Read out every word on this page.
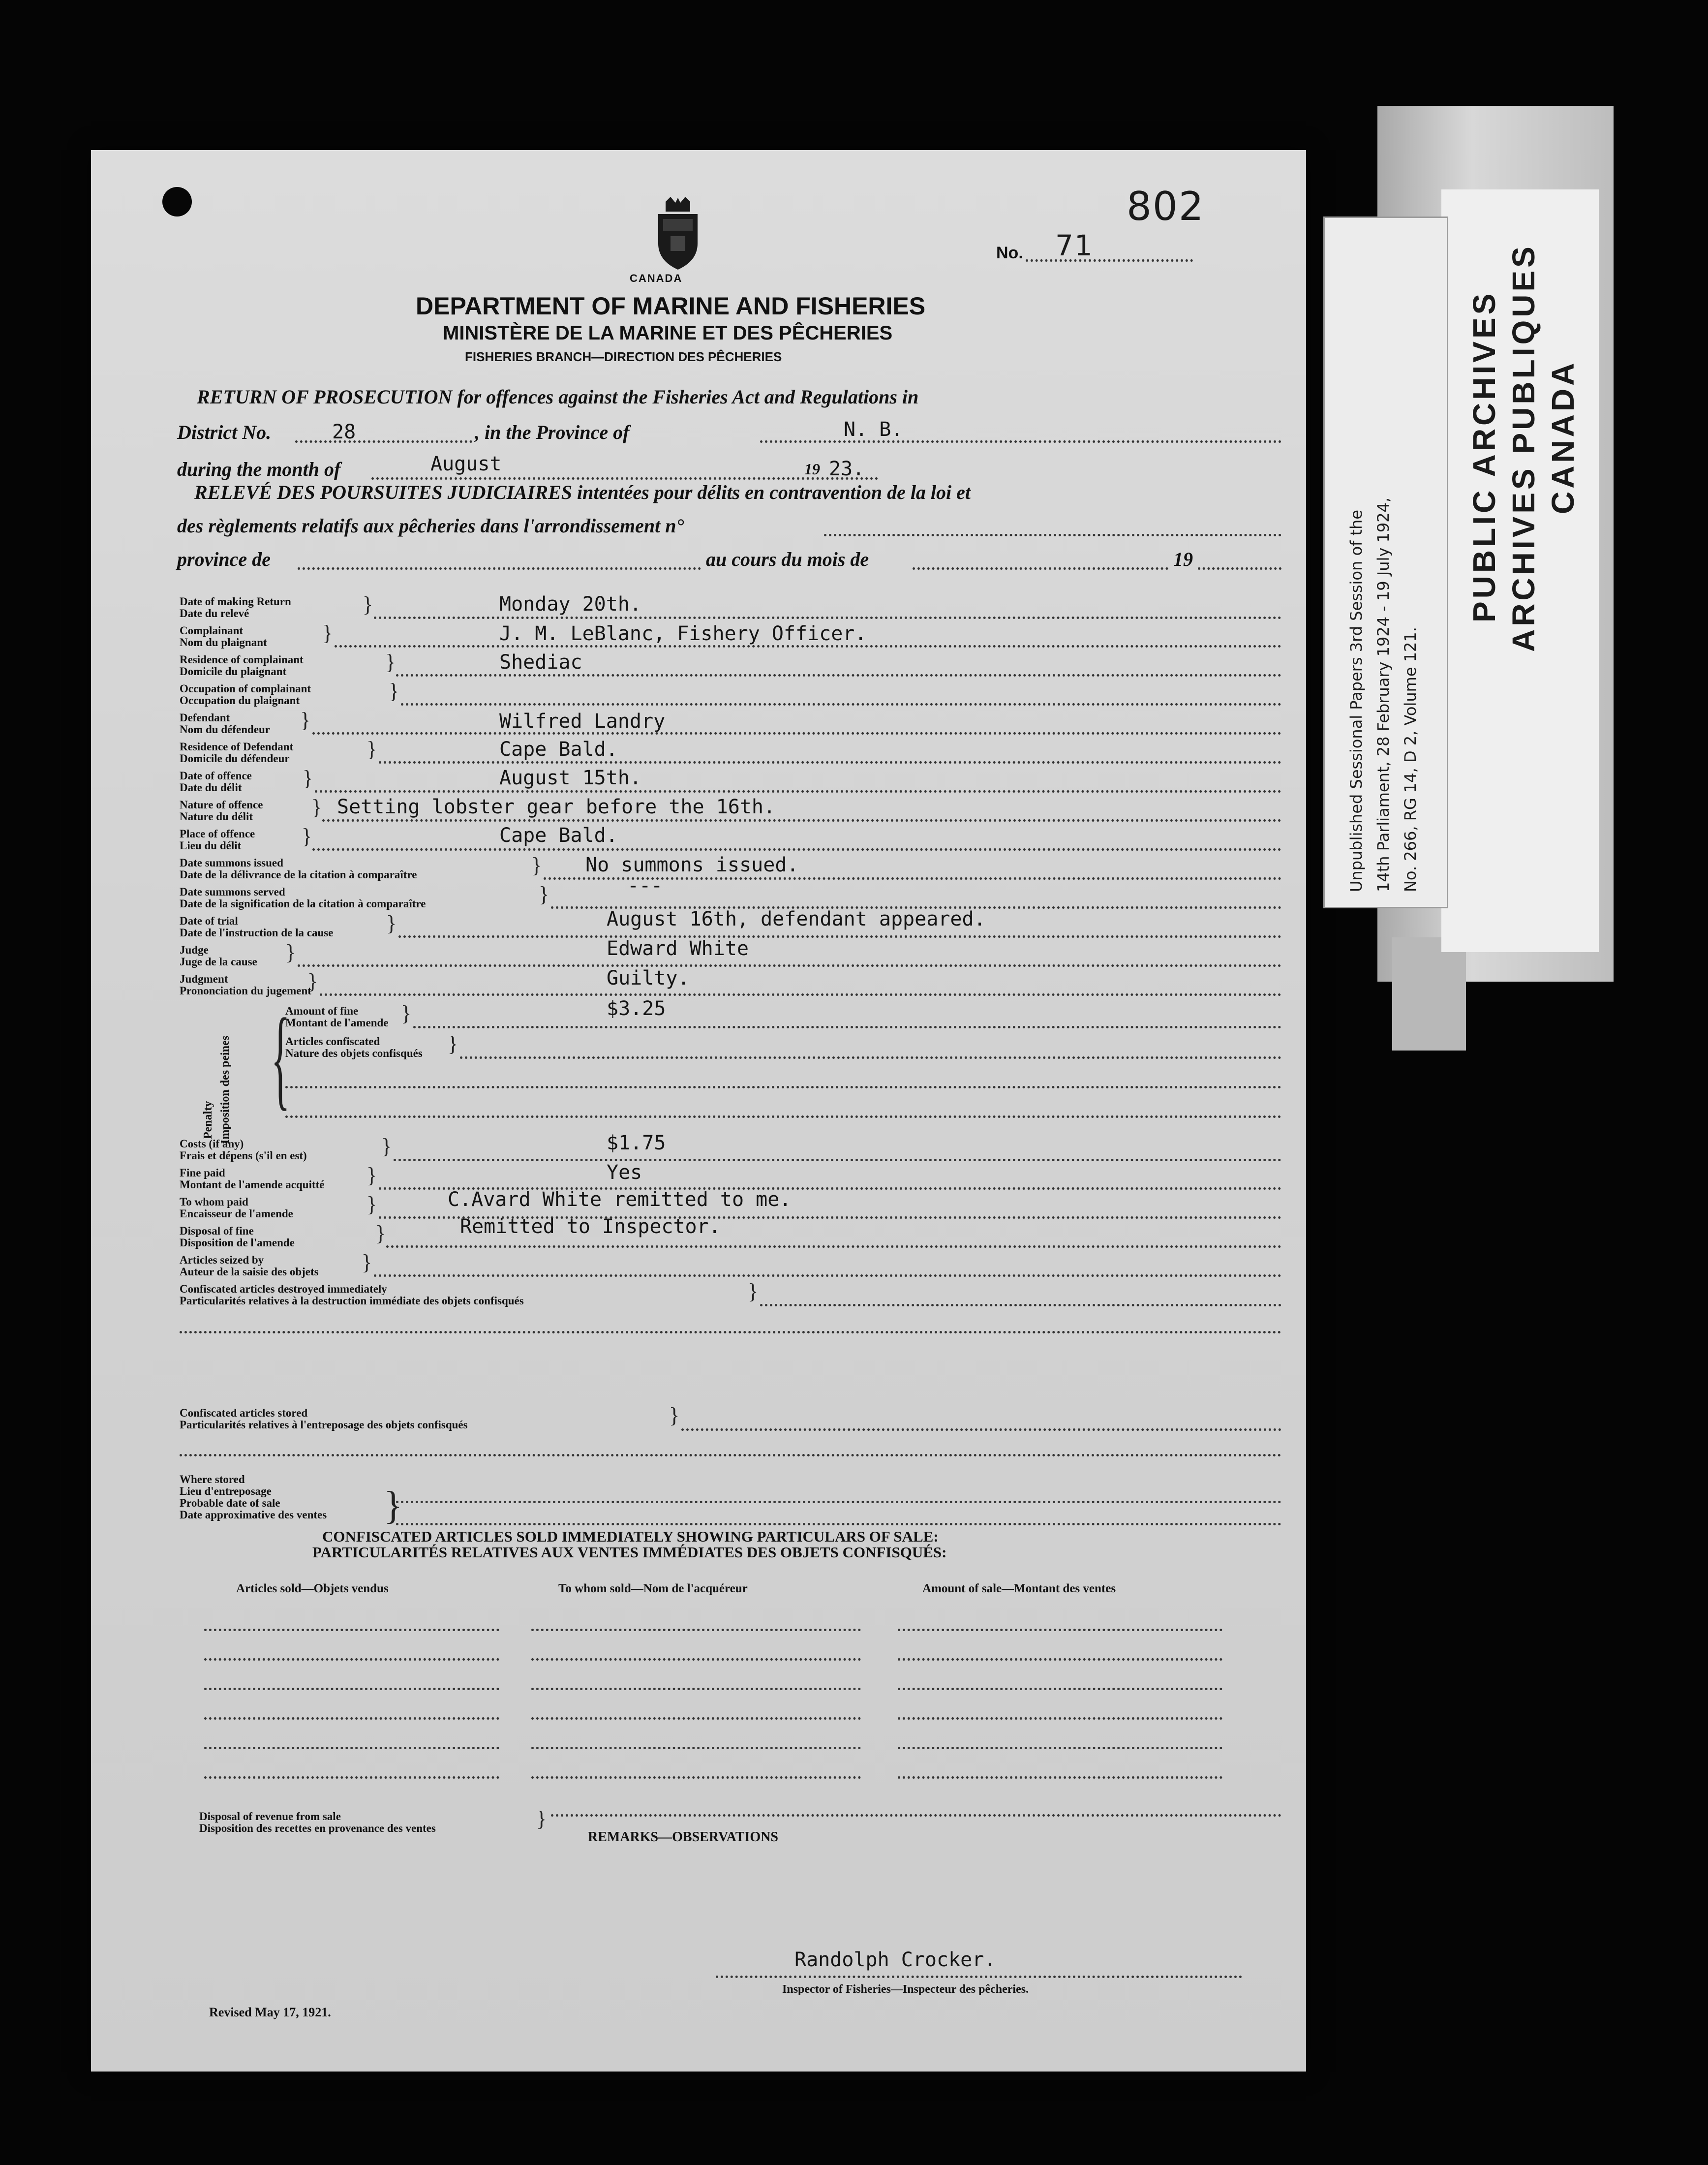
802
CANADA
No. 71
DEPARTMENT OF MARINE AND FISHERIES
MINISTÈRE DE LA MARINE ET DES PÊCHERIES
FISHERIES BRANCH—DIRECTION DES PÊCHERIES
RETURN OF PROSECUTION for offences against the Fisheries Act and Regulations in
District No.	28	, in the Province of	N. B.
during the month of	August	19 23.
RELEVÉ DES POURSUITES JUDICIAIRES intentées pour délits en contravention de la loi et
des règlements relatifs aux pêcheries dans l'arrondissement n°
province de	au cours du mois de	19
Date of making Return
Date du relevé	}	Monday 20th.
Complainant
Nom du plaignant	}	J. M. LeBlanc, Fishery Officer.
Residence of complainant
Domicile du plaignant	}	Shediac
Occupation of complainant
Occupation du plaignant	}
Defendant
Nom du défendeur }	Wilfred Landry
Residence of Defendant
Domicile du défendeur	}	Cape Bald.
Date of offence
Date du délit	}	August 15th.
Nature of offence
Nature du délit	} Setting lobster gear before the 16th.
Place of offence
Lieu du délit	}	Cape Bald.
Date summons issued
Date de la délivrance de la citation à comparaître	} No summons issued.
Date summons served
Date de la signification de la citation à comparaître	}	---
Date of trial
Date de l'instruction de la cause }	August 16th, defendant appeared.
Judge
Juge de la cause }	Edward White
Judgment
Prononciation du jugement
}	Guilty.
Penalty Imposition des peines {
Amount of fine
Montant de l'amende }	$3.25
Articles confiscated
Nature des objets confisqués }
Costs (if any)
Frais et dépens (s'il en est)	}	$1.75
Fine paid
Montant de l'amende acquitté }	Yes
To whom paid
Encaisseur de l'amende	}	C.Avard White remitted to me.
Disposal of fine
Disposition de l'amende	}	Remitted to Inspector.
Articles seized by
Auteur de la saisie des objets }
Confiscated articles destroyed immediately
Particularités relatives à la destruction immédiate des objets confisqués	}
Confiscated articles stored
Particularités relatives à l'entreposage des objets confisqués	}
Where stored
Lieu d'entreposage
Probable date of sale
Date approximative des ventes }
CONFISCATED ARTICLES SOLD IMMEDIATELY SHOWING PARTICULARS OF SALE:
PARTICULARITÉS RELATIVES AUX VENTES IMMÉDIATES DES OBJETS CONFISQUÉS:
Articles sold—Objets vendus	To whom sold—Nom de l'acquéreur	Amount of sale—Montant des ventes
Disposal of revenue from sale
Disposition des recettes en provenance des ventes	}
REMARKS—OBSERVATIONS
Randolph Crocker.
Inspector of Fisheries—Inspecteur des pêcheries.
Revised May 17, 1921.
PUBLIC ARCHIVES ARCHIVES PUBLIQUES CANADA
Unpublished Sessional Papers 3rd Session of the 14th Parliament, 28 February 1924 - 19 July 1924, No. 266, RG 14, D 2, Volume 121.
